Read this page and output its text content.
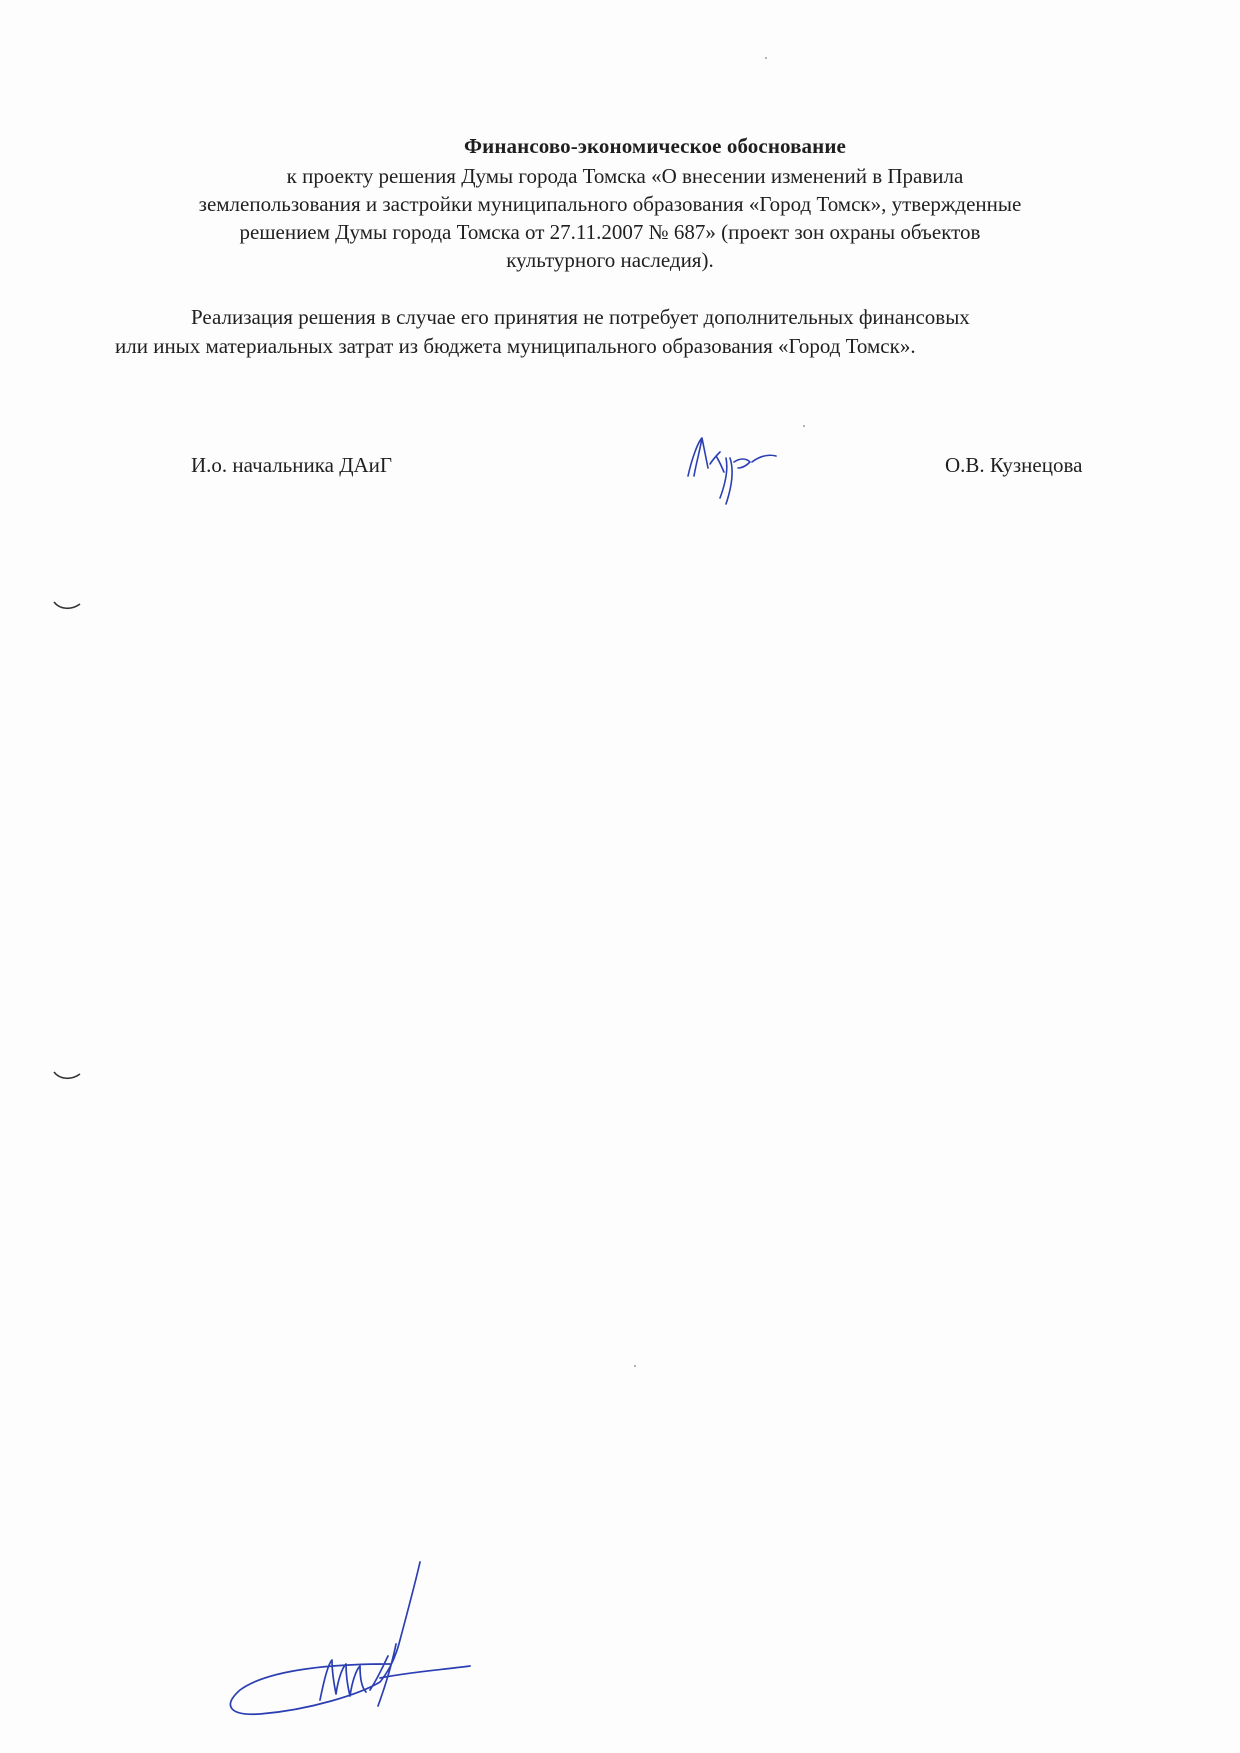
Финансово-экономическое обоснование
к проекту решения Думы города Томска «О внесении изменений в Правила
землепользования и застройки муниципального образования «Город Томск», утвержденные
решением Думы города Томска от 27.11.2007 № 687» (проект зон охраны объектов
культурного наследия).
Реализация решения в случае его принятия не потребует дополнительных финансовых
или иных материальных затрат из бюджета муниципального образования «Город Томск».
И.о. начальника ДАиГ	О.В. Кузнецова
